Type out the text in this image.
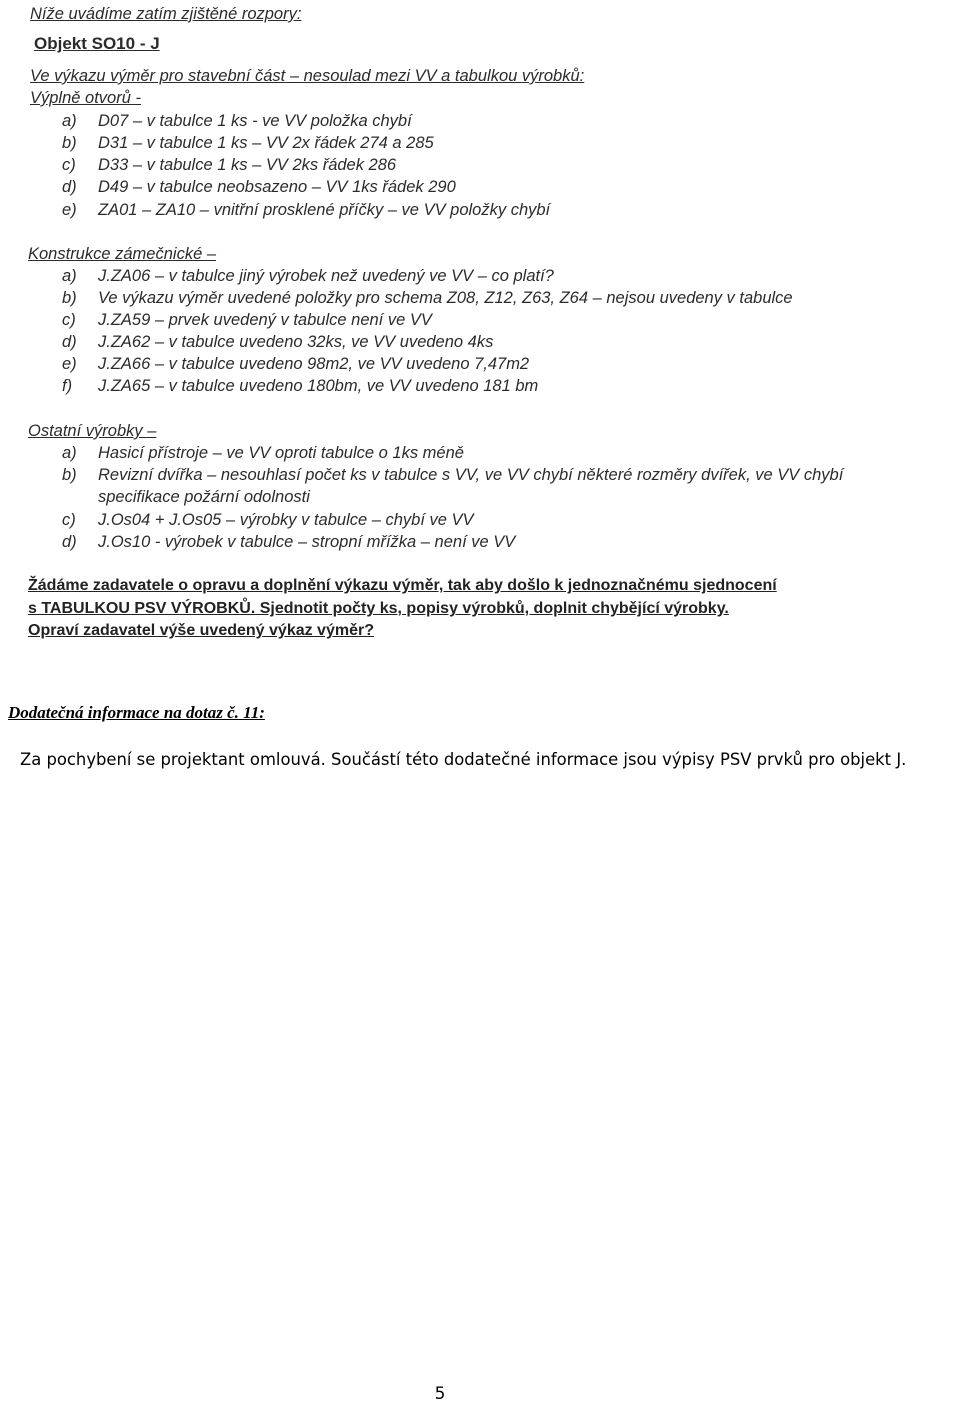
Níže uvádíme zatím zjištěné rozpory:
Objekt SO10 - J
Ve výkazu výměr pro stavební část – nesoulad mezi VV a tabulkou výrobků:
Výplně otvorů -
a) D07 – v tabulce 1 ks - ve VV položka chybí
b) D31 – v tabulce 1 ks – VV 2x řádek 274 a 285
c) D33 – v tabulce 1 ks – VV 2ks řádek 286
d) D49 – v tabulce neobsazeno – VV 1ks řádek 290
e) ZA01 – ZA10 – vnitřní prosklené příčky – ve VV položky chybí
Konstrukce zámečnické –
a) J.ZA06 – v tabulce jiný výrobek než uvedený ve VV – co platí?
b) Ve výkazu výměr uvedené položky pro schema Z08, Z12, Z63, Z64 – nejsou uvedeny v tabulce
c) J.ZA59 – prvek uvedený v tabulce není ve VV
d) J.ZA62 – v tabulce uvedeno 32ks, ve VV uvedeno 4ks
e) J.ZA66 – v tabulce uvedeno 98m2, ve VV uvedeno 7,47m2
f) J.ZA65 – v tabulce uvedeno 180bm, ve VV uvedeno 181 bm
Ostatní výrobky –
a) Hasicí přístroje – ve VV oproti tabulce o 1ks méně
b) Revizní dvířka – nesouhlasí počet ks v tabulce s VV, ve VV chybí některé rozměry dvířek, ve VV chybí
specifikace požární odolnosti
c) J.Os04 + J.Os05 – výrobky v tabulce – chybí ve VV
d) J.Os10 - výrobek v tabulce – stropní mřížka – není ve VV
Žádáme zadavatele o opravu a doplnění výkazu výměr, tak aby došlo k jednoznačnému sjednocení
s TABULKOU PSV VÝROBKŮ. Sjednotit počty ks, popisy výrobků, doplnit chybějící výrobky.
Opraví zadavatel výše uvedený výkaz výměr?
Dodatečná informace na dotaz č. 11:
Za pochybení se projektant omlouvá. Součástí této dodatečné informace jsou výpisy PSV prvků pro objekt J.
5
